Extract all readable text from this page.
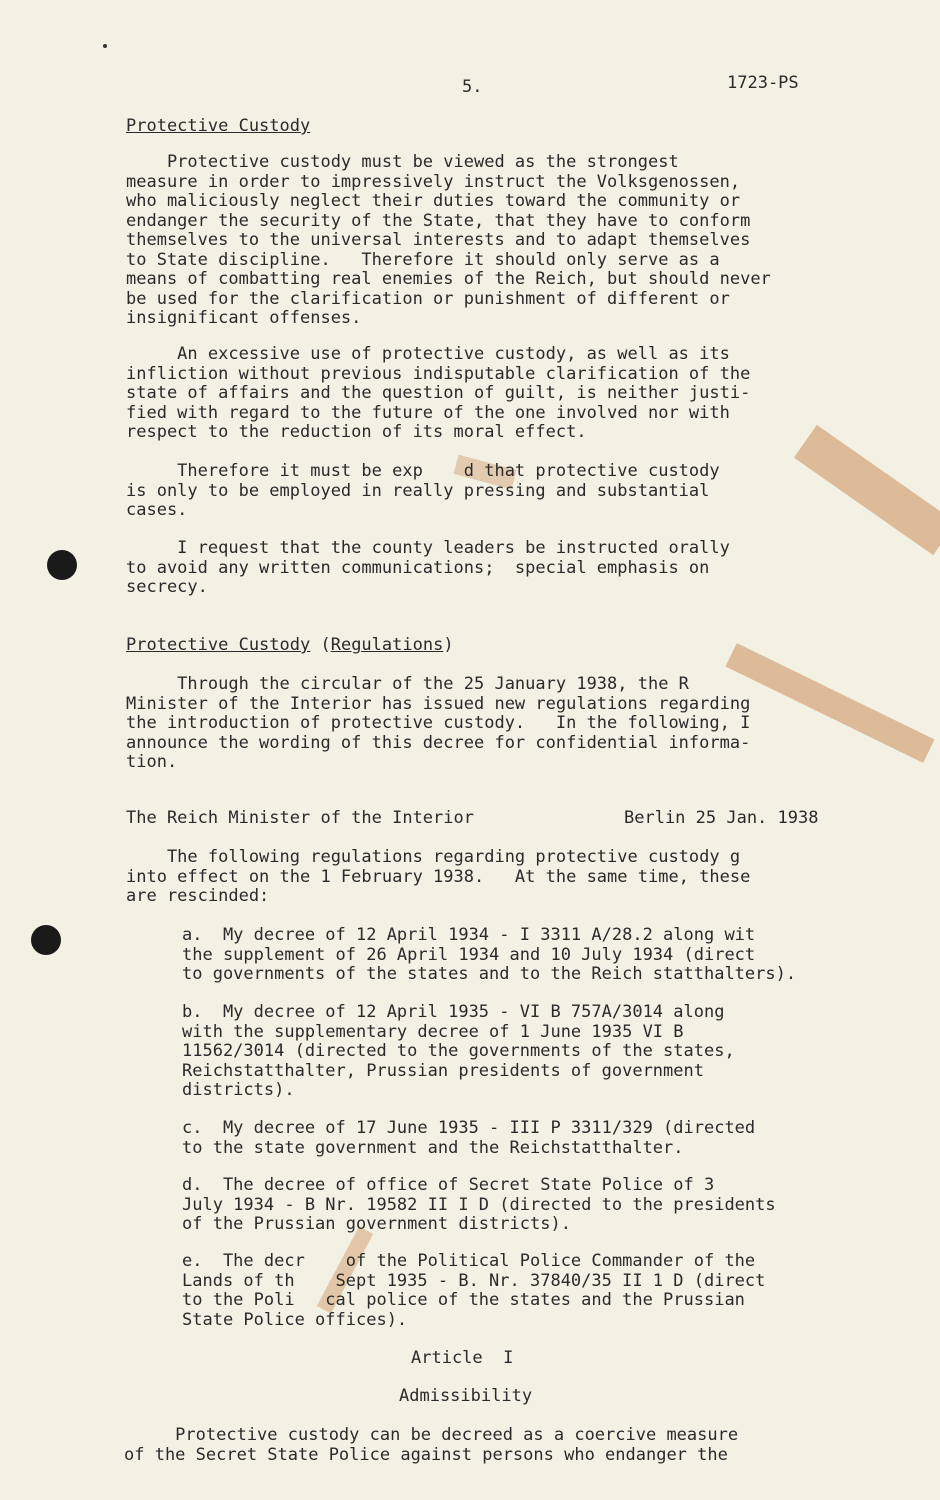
5.	1723-PS
Protective Custody
Protective custody must be viewed as the strongest
measure in order to impressively instruct the Volksgenossen,
who maliciously neglect their duties toward the community or
endanger the security of the State, that they have to conform
themselves to the universal interests and to adapt themselves
to State discipline.   Therefore it should only serve as a
means of combatting real enemies of the Reich, but should never
be used for the clarification or punishment of different or
insignificant offenses.
An excessive use of protective custody, as well as its
infliction without previous indisputable clarification of the
state of affairs and the question of guilt, is neither justi-
fied with regard to the future of the one involved nor with
respect to the reduction of its moral effect.
Therefore it must be exp    d that protective custody
is only to be employed in really pressing and substantial
cases.
I request that the county leaders be instructed orally
to avoid any written communications;  special emphasis on
secrecy.
Protective Custody (Regulations)
Through the circular of the 25 January 1938, the R
Minister of the Interior has issued new regulations regarding
the introduction of protective custody.   In the following, I
announce the wording of this decree for confidential informa-
tion.
The Reich Minister of the Interior	Berlin 25 Jan. 1938
The following regulations regarding protective custody g
into effect on the 1 February 1938.   At the same time, these
are rescinded:
a.  My decree of 12 April 1934 - I 3311 A/28.2 along wit
the supplement of 26 April 1934 and 10 July 1934 (direct
to governments of the states and to the Reich statthalters).
b.  My decree of 12 April 1935 - VI B 757A/3014 along
with the supplementary decree of 1 June 1935 VI B
11562/3014 (directed to the governments of the states,
Reichstatthalter, Prussian presidents of government
districts).
c.  My decree of 17 June 1935 - III P 3311/329 (directed
to the state government and the Reichstatthalter.
d.  The decree of office of Secret State Police of 3
July 1934 - B Nr. 19582 II I D (directed to the presidents
of the Prussian government districts).
e.  The decr    of the Political Police Commander of the
Lands of th    Sept 1935 - B. Nr. 37840/35 II 1 D (direct
to the Poli   cal police of the states and the Prussian
State Police offices).
Article  I
Admissibility
Protective custody can be decreed as a coercive measure
of the Secret State Police against persons who endanger the
